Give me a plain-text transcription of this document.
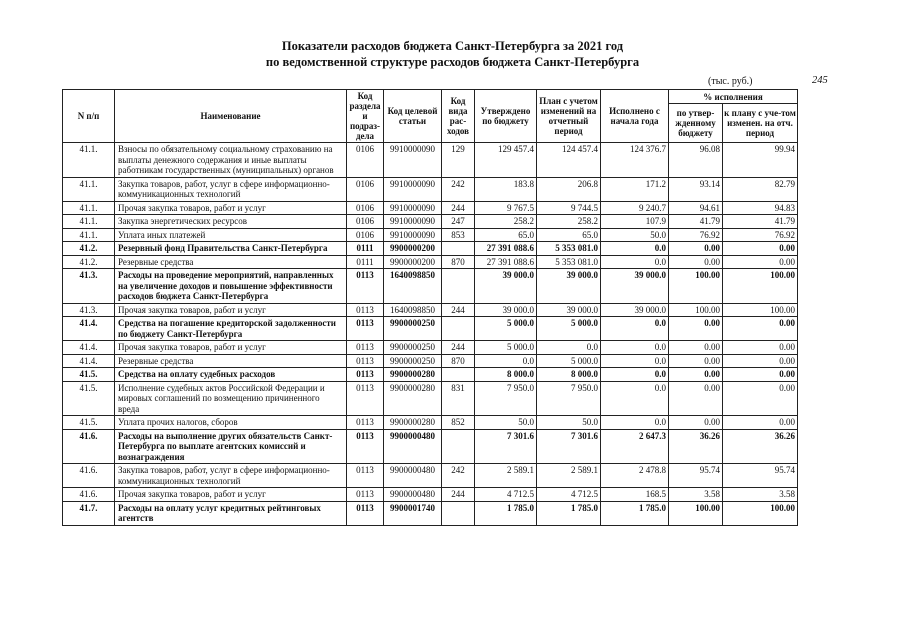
Показатели расходов бюджета Санкт-Петербурга за 2021 год
по ведомственной структуре расходов бюджета Санкт-Петербурга
(тыс. руб.)	245
N п/п	Наименование	Код раздела и подраз-дела	Код целевой статьи	Код вида рас-ходов	Утверждено по бюджету	План с учетом изменений на отчетный период	Исполнено с начала года	% исполнения	
								по утвер-жденному бюджету	к плану с уче-том изменен. на отч. период
41.1.	Взносы по обязательному социальному страхованию на выплаты денежного содержания и иные выплаты работникам государственных (муниципальных) органов	0106	9910000090	129	129 457.4	124 457.4	124 376.7	96.08	99.94
41.1.	Закупка товаров, работ, услуг в сфере информационно-коммуникационных технологий	0106	9910000090	242	183.8	206.8	171.2	93.14	82.79
41.1.	Прочая закупка товаров, работ и услуг	0106	9910000090	244	9 767.5	9 744.5	9 240.7	94.61	94.83
41.1.	Закупка энергетических ресурсов	0106	9910000090	247	258.2	258.2	107.9	41.79	41.79
41.1.	Уплата иных платежей	0106	9910000090	853	65.0	65.0	50.0	76.92	76.92
41.2.	Резервный фонд Правительства Санкт-Петербурга	0111	9900000200		27 391 088.6	5 353 081.0	0.0	0.00	0.00
41.2.	Резервные средства	0111	9900000200	870	27 391 088.6	5 353 081.0	0.0	0.00	0.00
41.3.	Расходы на проведение мероприятий, направленных на увеличение доходов и повышение эффективности расходов бюджета Санкт-Петербурга	0113	1640098850		39 000.0	39 000.0	39 000.0	100.00	100.00
41.3.	Прочая закупка товаров, работ и услуг	0113	1640098850	244	39 000.0	39 000.0	39 000.0	100.00	100.00
41.4.	Средства на погашение кредиторской задолженности по бюджету Санкт-Петербурга	0113	9900000250		5 000.0	5 000.0	0.0	0.00	0.00
41.4.	Прочая закупка товаров, работ и услуг	0113	9900000250	244	5 000.0	0.0	0.0	0.00	0.00
41.4.	Резервные средства	0113	9900000250	870	0.0	5 000.0	0.0	0.00	0.00
41.5.	Средства на оплату судебных расходов	0113	9900000280		8 000.0	8 000.0	0.0	0.00	0.00
41.5.	Исполнение судебных актов Российской Федерации и мировых соглашений по возмещению причиненного вреда	0113	9900000280	831	7 950.0	7 950.0	0.0	0.00	0.00
41.5.	Уплата прочих налогов, сборов	0113	9900000280	852	50.0	50.0	0.0	0.00	0.00
41.6.	Расходы на выполнение других обязательств Санкт-Петербурга по выплате агентских комиссий и вознаграждения	0113	9900000480		7 301.6	7 301.6	2 647.3	36.26	36.26
41.6.	Закупка товаров, работ, услуг в сфере информационно-коммуникационных технологий	0113	9900000480	242	2 589.1	2 589.1	2 478.8	95.74	95.74
41.6.	Прочая закупка товаров, работ и услуг	0113	9900000480	244	4 712.5	4 712.5	168.5	3.58	3.58
41.7.	Расходы на оплату услуг кредитных рейтинговых агентств	0113	9900001740		1 785.0	1 785.0	1 785.0	100.00	100.00
